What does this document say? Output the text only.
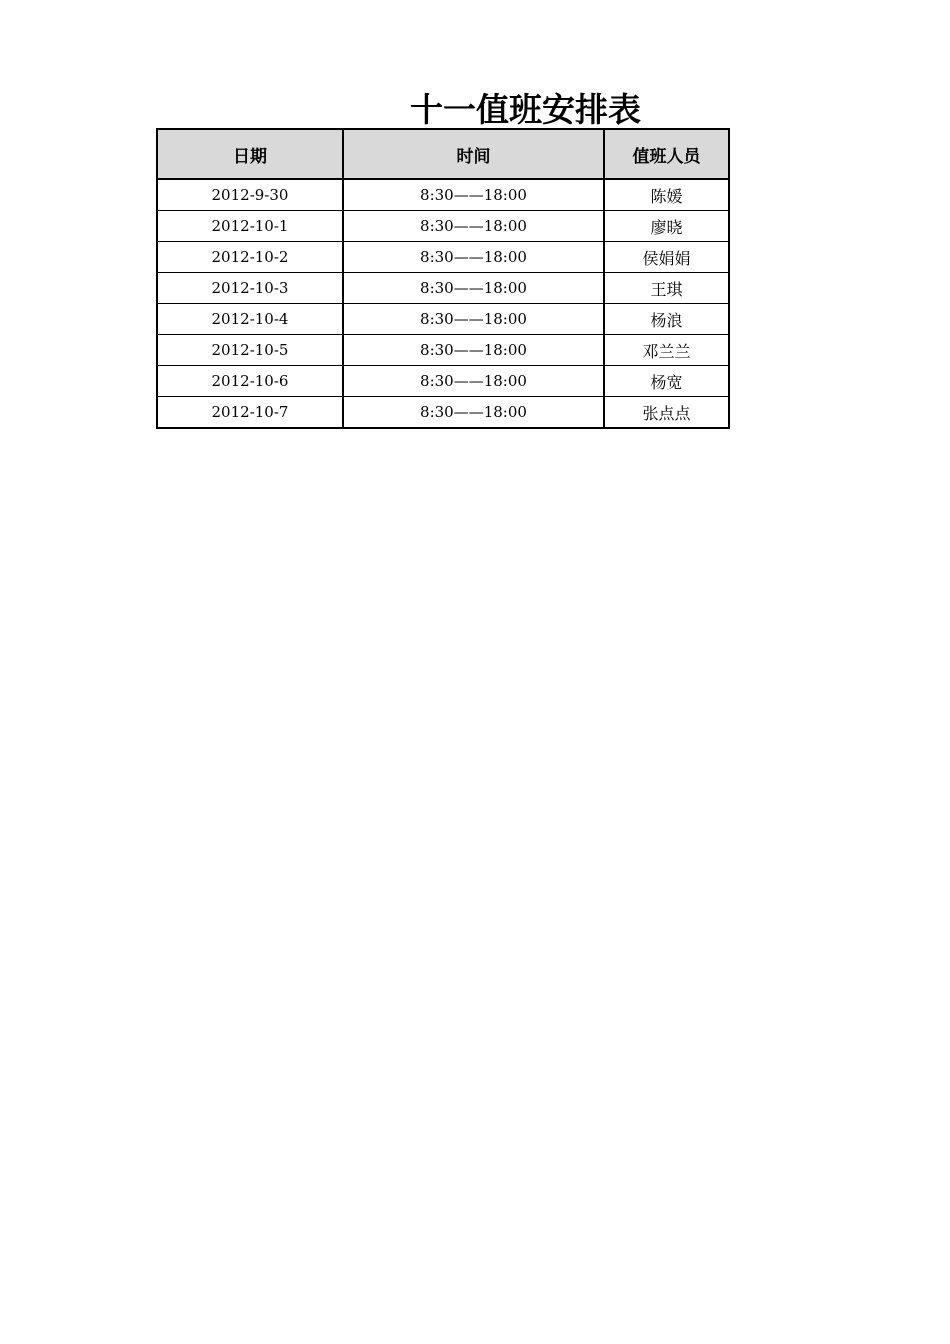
十一值班安排表
日期	时间	值班人员
2012-9-30	8:30——18:00	陈媛
2012-10-1	8:30——18:00	廖晓
2012-10-2	8:30——18:00	侯娟娟
2012-10-3	8:30——18:00	王琪
2012-10-4	8:30——18:00	杨浪
2012-10-5	8:30——18:00	邓兰兰
2012-10-6	8:30——18:00	杨宽
2012-10-7	8:30——18:00	张点点
